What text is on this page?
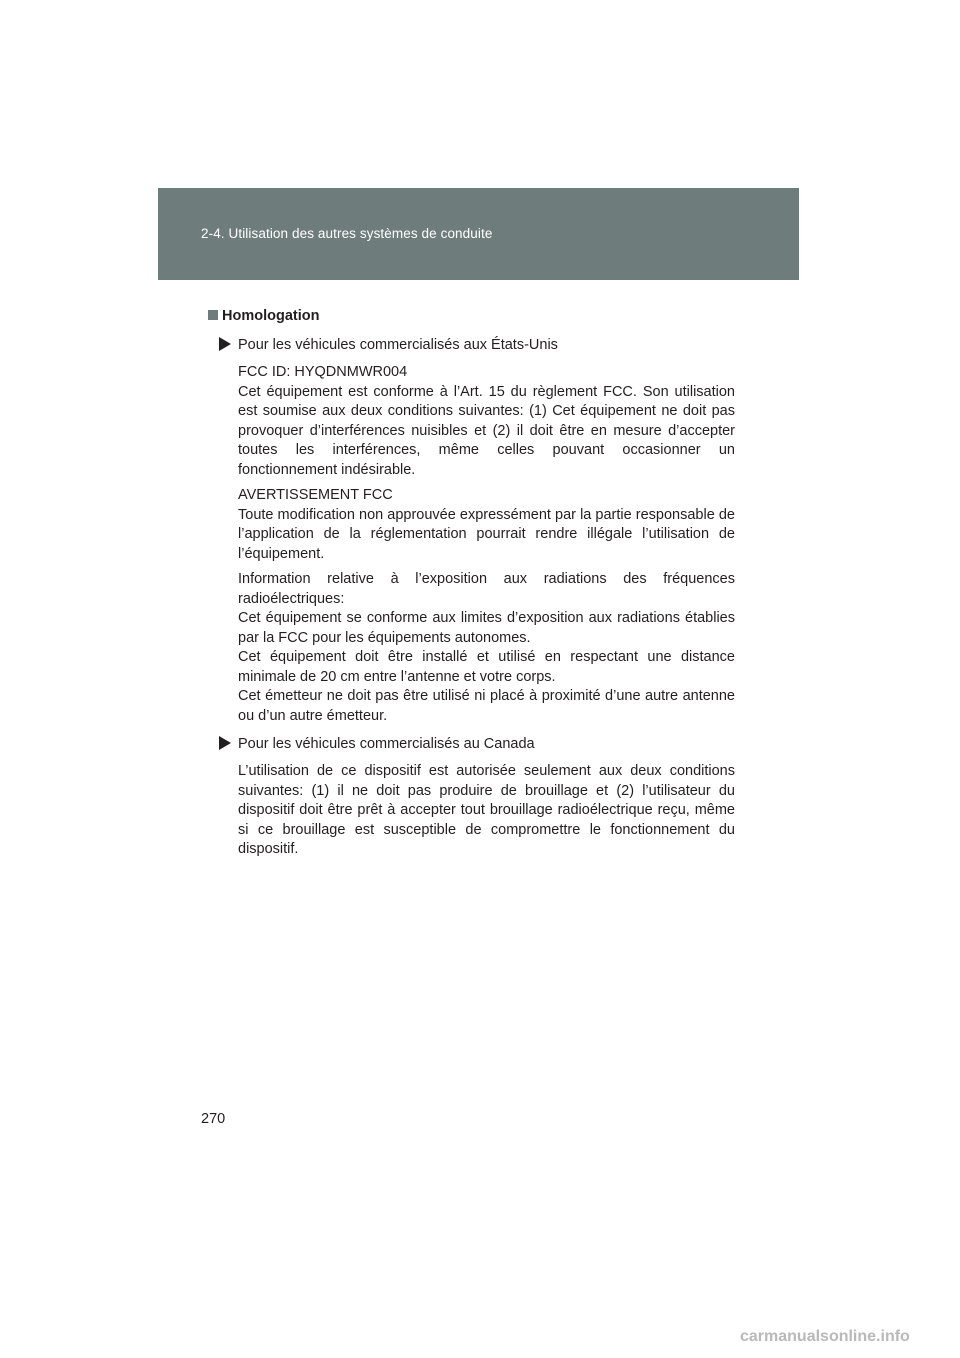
2-4. Utilisation des autres systèmes de conduite
Homologation
Pour les véhicules commercialisés aux États-Unis
FCC ID: HYQDNMWR004
Cet équipement est conforme à l’Art. 15 du règlement FCC. Son utilisation est soumise aux deux conditions suivantes: (1) Cet équipement ne doit pas provoquer d’interférences nuisibles et (2) il doit être en mesure d’accepter toutes les interférences, même celles pouvant occasionner un fonctionnement indésirable.
AVERTISSEMENT FCC
Toute modification non approuvée expressément par la partie responsable de l’application de la réglementation pourrait rendre illégale l’utilisation de l’équipement.
Information relative à l’exposition aux radiations des fréquences radioélectriques:
Cet équipement se conforme aux limites d’exposition aux radiations établies par la FCC pour les équipements autonomes.
Cet équipement doit être installé et utilisé en respectant une distance minimale de 20 cm entre l’antenne et votre corps.
Cet émetteur ne doit pas être utilisé ni placé à proximité d’une autre antenne ou d’un autre émetteur.
Pour les véhicules commercialisés au Canada
L’utilisation de ce dispositif est autorisée seulement aux deux conditions suivantes: (1) il ne doit pas produire de brouillage et (2) l’utilisateur du dispositif doit être prêt à accepter tout brouillage radioélectrique reçu, même si ce brouillage est susceptible de compromettre le fonctionnement du dispositif.
270
carmanualsonline.info
